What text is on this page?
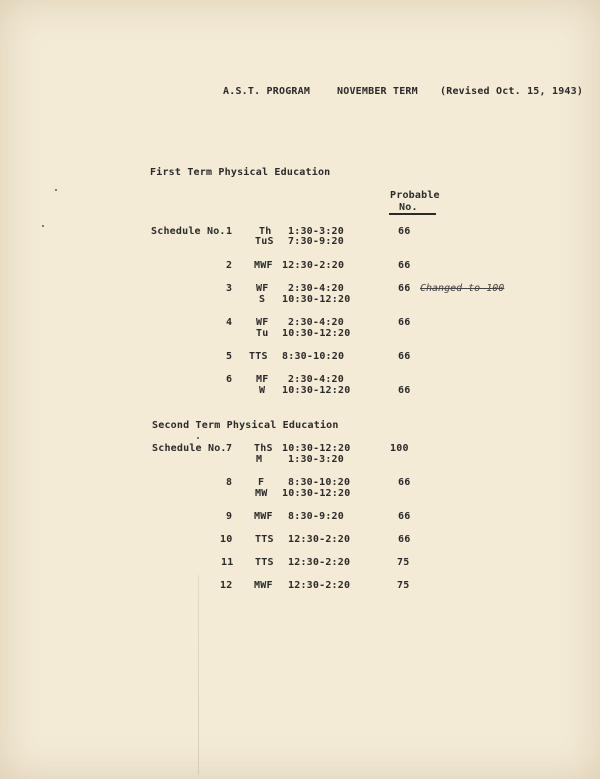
A.S.T. PROGRAM	NOVEMBER TERM (Revised Oct. 15, 1943)
First Term Physical Education
Probable
No.
Schedule No. 1	Th 1:30-3:20	66
TuS 7:30-9:20
2 MWF 12:30-2:20	66
3 WF 2:30-4:20	66 Changed to 100
S 10:30-12:20
4 WF 2:30-4:20	66
Tu 10:30-12:20
5 TTS 8:30-10:20	66
6 MF 2:30-4:20
W 10:30-12:20	66
Second Term Physical Education
Schedule No. 7 ThS 10:30-12:20	100
M	1:30-3:20
8	F 8:30-10:20	66
MW 10:30-12:20
9 MWF 8:30-9:20	66
10 TTS 12:30-2:20	66
11 TTS 12:30-2:20	75
12 MWF 12:30-2:20	75
